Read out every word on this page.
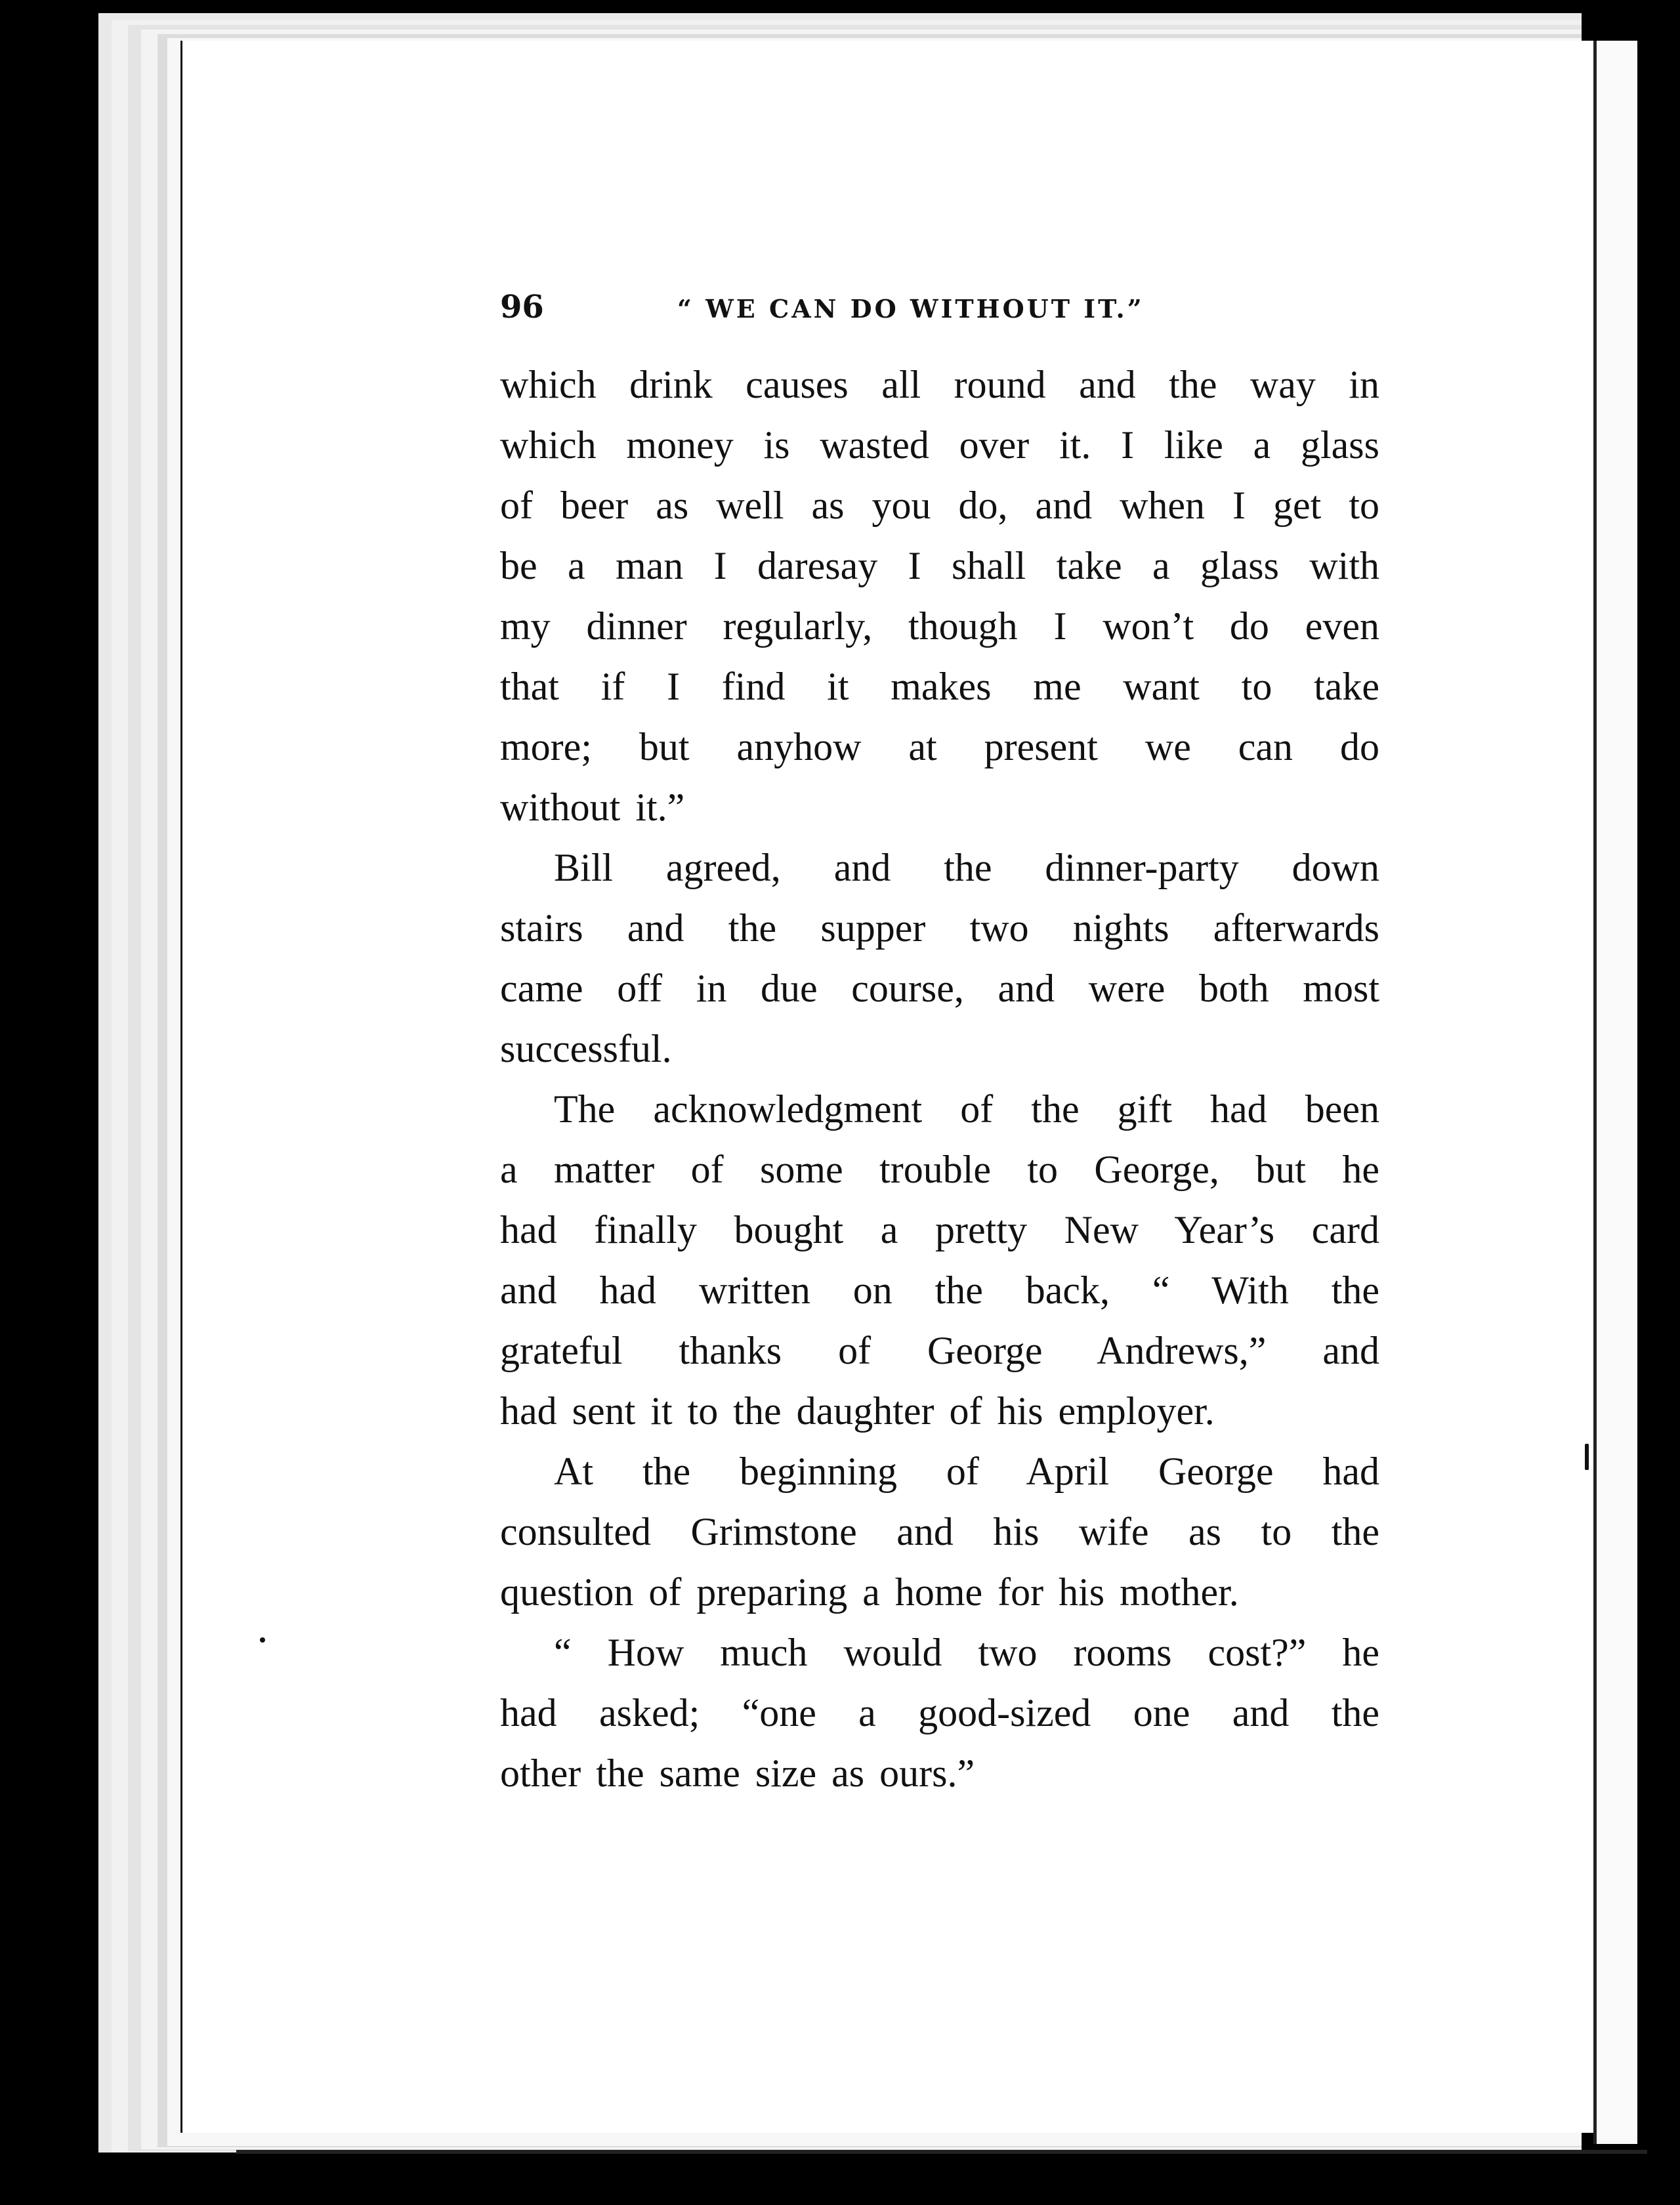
96	“ WE CAN DO WITHOUT IT.”
which drink causes all round and the way in
which money is wasted over it. I like a glass
of beer as well as you do, and when I get to
be a man I daresay I shall take a glass with
my dinner regularly, though I won’t do even
that if I find it makes me want to take
more; but anyhow at present we can do
without it.”
Bill agreed, and the dinner-party down
stairs and the supper two nights afterwards
came off in due course, and were both most
successful.
The acknowledgment of the gift had been
a matter of some trouble to George, but he
had finally bought a pretty New Year’s card
and had written on the back, “ With the
grateful thanks of George Andrews,” and
had sent it to the daughter of his employer.
At the beginning of April George had
consulted Grimstone and his wife as to the
question of preparing a home for his mother.
“ How much would two rooms cost?” he
had asked; “one a good-sized one and the
other the same size as ours.”
